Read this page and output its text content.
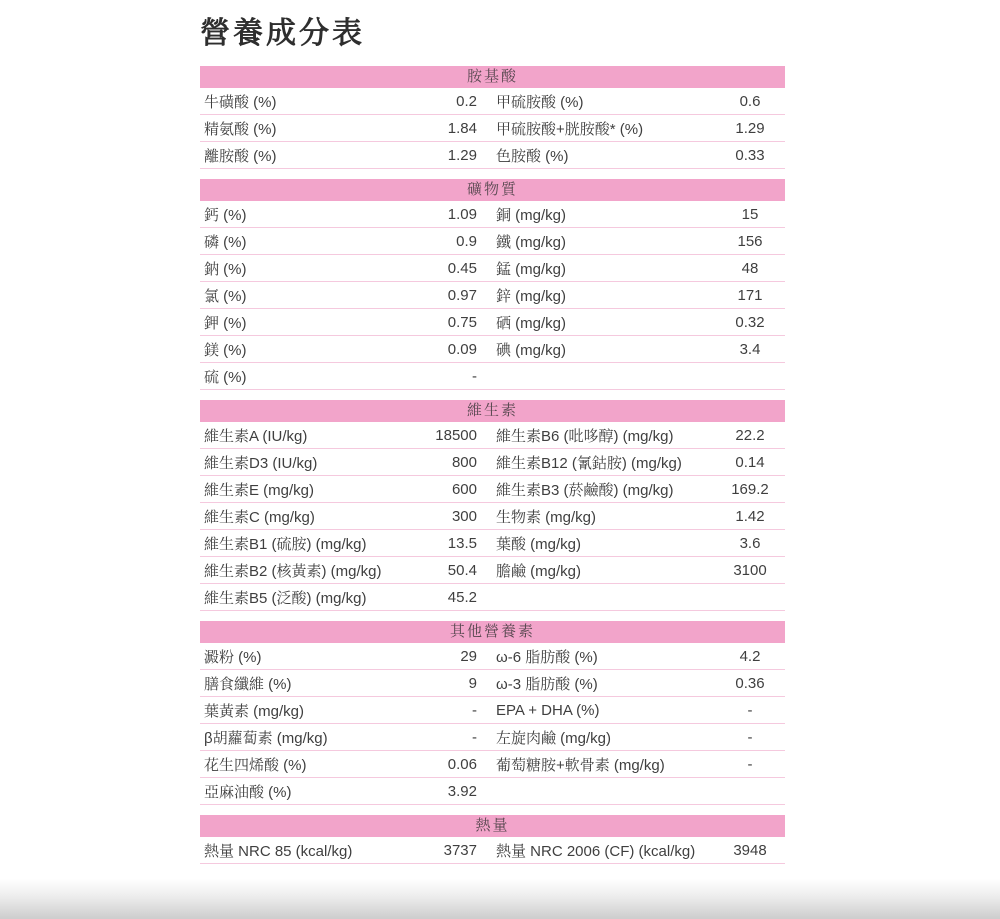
營養成分表
胺基酸
牛磺酸 (%)	0.2 甲硫胺酸 (%)	0.6
精氨酸 (%)	1.84 甲硫胺酸+胱胺酸* (%)	1.29
離胺酸 (%)	1.29 色胺酸 (%)	0.33
礦物質
鈣 (%)	1.09 銅 (mg/kg)	15
磷 (%)	0.9 鐵 (mg/kg)	156
鈉 (%)	0.45 錳 (mg/kg)	48
氯 (%)	0.97 鋅 (mg/kg)	171
鉀 (%)	0.75 硒 (mg/kg)	0.32
鎂 (%)	0.09 碘 (mg/kg)	3.4
硫 (%)	-
維生素
維生素A (IU/kg)	18500 維生素B6 (吡哆醇) (mg/kg)	22.2
維生素D3 (IU/kg)	800 維生素B12 (氰鈷胺) (mg/kg)	0.14
維生素E (mg/kg)	600 維生素B3 (菸鹼酸) (mg/kg)	169.2
維生素C (mg/kg)	300 生物素 (mg/kg)	1.42
維生素B1 (硫胺) (mg/kg)	13.5 葉酸 (mg/kg)	3.6
維生素B2 (核黃素) (mg/kg)	50.4 膽鹼 (mg/kg)	3100
維生素B5 (泛酸) (mg/kg)	45.2
其他營養素
澱粉 (%)	29 ω-6 脂肪酸 (%)	4.2
膳食纖維 (%)	9 ω-3 脂肪酸 (%)	0.36
葉黃素 (mg/kg)	- EPA + DHA (%)	-
β胡蘿蔔素 (mg/kg)	- 左旋肉鹼 (mg/kg)	-
花生四烯酸 (%)	0.06 葡萄糖胺+軟骨素 (mg/kg)	-
亞麻油酸 (%)	3.92
熱量
熱量 NRC 85 (kcal/kg)	3737 熱量 NRC 2006 (CF) (kcal/kg)	3948
